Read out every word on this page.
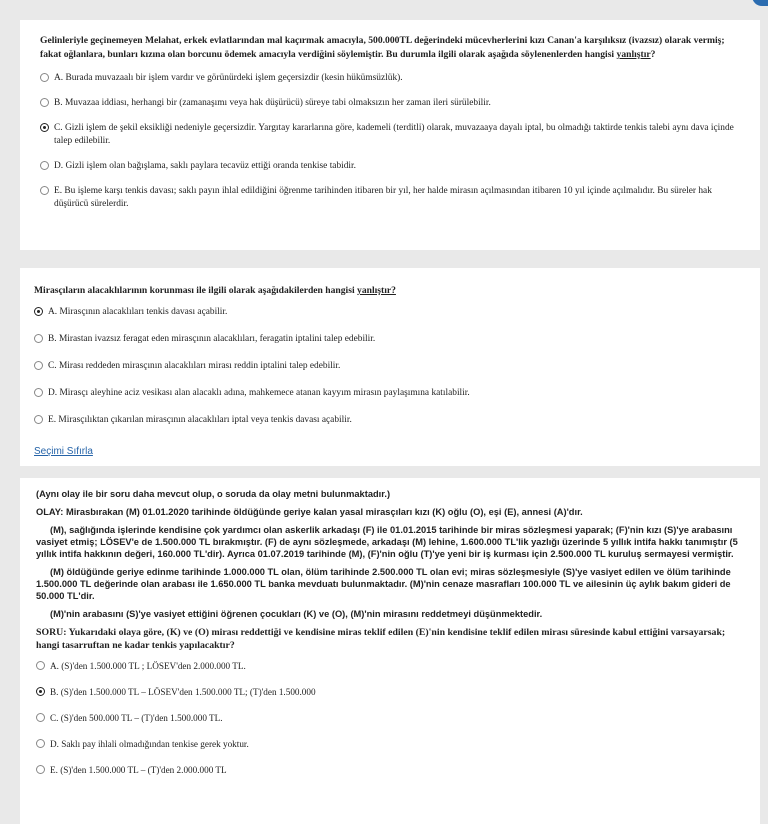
Gelinleriyle geçinemeyen Melahat, erkek evlatlarından mal kaçırmak amacıyla, 500.000TL değerindeki mücevherlerini kızı Canan'a karşılıksız (ivazsız) olarak vermiş; fakat oğlanlara, bunları kızına olan borcunu ödemek amacıyla verdiğini söylemiştir. Bu durumla ilgili olarak aşağıda söylenenlerden hangisi yanlıştır?

A. Burada muvazaalı bir işlem vardır ve görünürdeki işlem geçersizdir (kesin hükümsüzlük).
B. Muvazaa iddiası, herhangi bir (zamanaşımı veya hak düşürücü) süreye tabi olmaksızın her zaman ileri sürülebilir.
C. Gizli işlem de şekil eksikliği nedeniyle geçersizdir. Yargıtay kararlarına göre, kademeli (terditli) olarak, muvazaaya dayalı iptal, bu olmadığı taktirde tenkis talebi aynı dava içinde talep edilebilir.
D. Gizli işlem olan bağışlama, saklı paylara tecavüz ettiği oranda tenkise tabidir.
E. Bu işleme karşı tenkis davası; saklı payın ihlal edildiğini öğrenme tarihinden itibaren bir yıl, her halde mirasın açılmasından itibaren 10 yıl içinde açılmalıdır. Bu süreler hak düşürücü sürelerdir.

Mirasçıların alacaklılarının korunması ile ilgili olarak aşağıdakilerden hangisi yanlıştır?

A. Mirasçının alacaklıları tenkis davası açabilir.
B. Mirastan ivazsız feragat eden mirasçının alacaklıları, feragatin iptalini talep edebilir.
C. Mirası reddeden mirasçının alacaklıları mirası reddin iptalini talep edebilir.
D. Mirasçı aleyhine aciz vesikası alan alacaklı adına, mahkemece atanan kayyım mirasın paylaşımına katılabilir.
E. Mirasçılıktan çıkarılan mirasçının alacaklıları iptal veya tenkis davası açabilir.
Seçimi Sıfırla

(Aynı olay ile bir soru daha mevcut olup, o soruda da olay metni bulunmaktadır.)

OLAY: Mirasbırakan (M) 01.01.2020 tarihinde öldüğünde geriye kalan yasal mirasçıları kızı (K) oğlu (O), eşi (E), annesi (A)'dır.

(M), sağlığında işlerinde kendisine çok yardımcı olan askerlik arkadaşı (F) ile 01.01.2015 tarihinde bir miras sözleşmesi yaparak; (F)'nin kızı (S)'ye arabasını vasiyet etmiş; LÖSEV'e de 1.500.000 TL bırakmıştır. (F) de aynı sözleşmede, arkadaşı (M) lehine, 1.600.000 TL'lik yazlığı üzerinde 5 yıllık intifa hakkı tanımıştır (5 yıllık intifa hakkının değeri, 160.000 TL'dir). Ayrıca 01.07.2019 tarihinde (M), (F)'nin oğlu (T)'ye yeni bir iş kurması için 2.500.000 TL kuruluş sermayesi vermiştir.

(M) öldüğünde geriye edinme tarihinde 1.000.000 TL olan, ölüm tarihinde 2.500.000 TL olan evi; miras sözleşmesiyle (S)'ye vasiyet edilen ve ölüm tarihinde 1.500.000 TL değerinde olan arabası ile 1.650.000 TL banka mevduatı bulunmaktadır. (M)'nin cenaze masrafları 100.000 TL ve ailesinin üç aylık bakım gideri de 50.000 TL'dir.

(M)'nin arabasını (S)'ye vasiyet ettiğini öğrenen çocukları (K) ve (O), (M)'nin mirasını reddetmeyi düşünmektedir.

SORU: Yukarıdaki olaya göre, (K) ve (O) mirası reddettiği ve kendisine miras teklif edilen (E)'nin kendisine teklif edilen mirası süresinde kabul ettiğini varsayarsak; hangi tasarruftan ne kadar tenkis yapılacaktır?

A. (S)'den 1.500.000 TL ; LÖSEV'den 2.000.000 TL.
B. (S)'den 1.500.000 TL – LÖSEV'den 1.500.000 TL; (T)'den 1.500.000
C. (S)'den 500.000 TL – (T)'den 1.500.000 TL.
D. Saklı pay ihlali olmadığından tenkise gerek yoktur.
E. (S)'den 1.500.000 TL – (T)'den 2.000.000 TL
